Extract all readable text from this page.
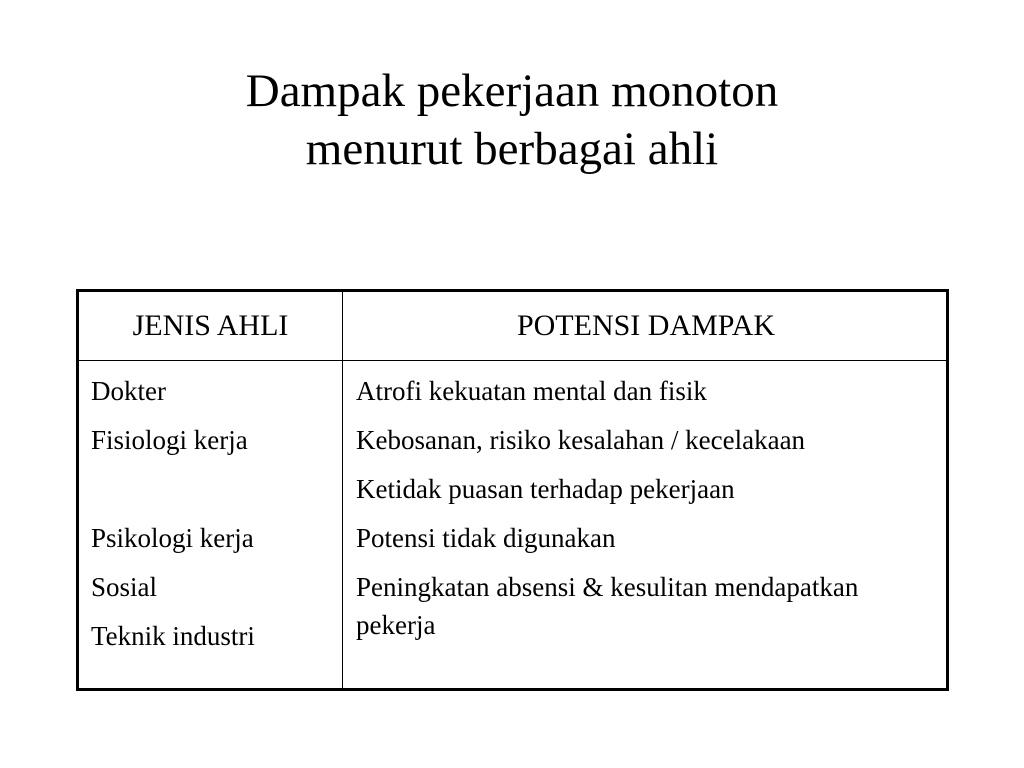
Dampak pekerjaan monoton
menurut berbagai ahli
JENIS AHLI	POTENSI DAMPAK
Dokter
Fisiologi kerja
Psikologi kerja
Sosial
Teknik industri
Atrofi kekuatan mental dan fisik
Kebosanan, risiko kesalahan / kecelakaan
Ketidak puasan terhadap pekerjaan
Potensi tidak digunakan
Peningkatan absensi & kesulitan mendapatkan pekerja
